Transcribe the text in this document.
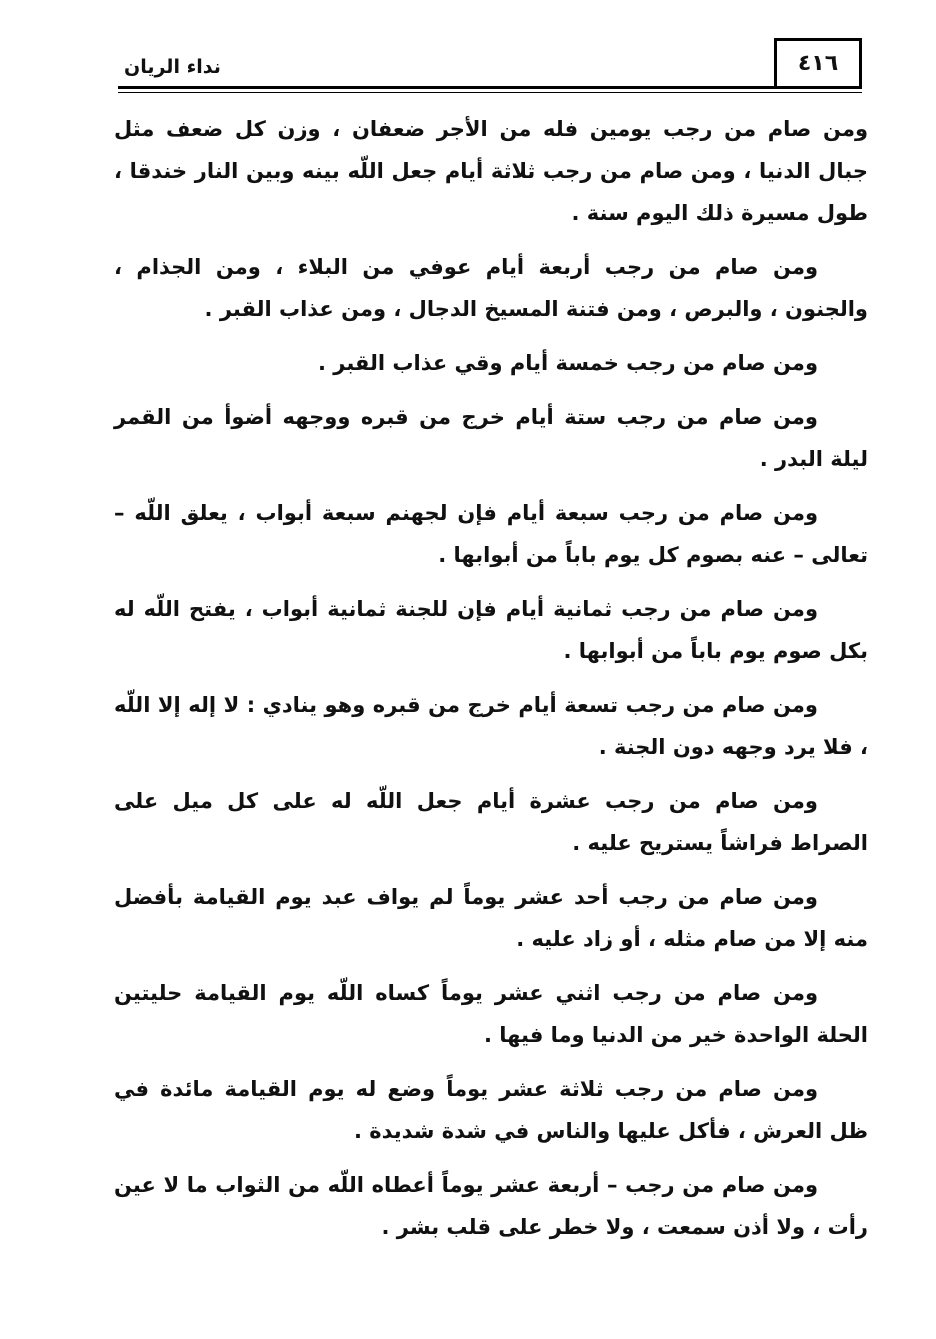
٤١٦
نداء الريان

ومن صام من رجب يومين فله من الأجر ضعفان ، وزن كل ضعف مثل جبال الدنيا ، ومن صام من رجب ثلاثة أيام جعل اللّه بينه وبين النار خندقا ، طول مسيرة ذلك اليوم سنة .

ومن صام من رجب أربعة أيام عوفي من البلاء ، ومن الجذام ، والجنون ، والبرص ، ومن فتنة المسيخ الدجال ، ومن عذاب القبر .

ومن صام من رجب خمسة أيام وقي عذاب القبر .

ومن صام من رجب ستة أيام خرج من قبره ووجهه أضوأ من القمر ليلة البدر .

ومن صام من رجب سبعة أيام فإن لجهنم سبعة أبواب ، يعلق اللّه – تعالى – عنه بصوم كل يوم باباً من أبوابها .

ومن صام من رجب ثمانية أيام فإن للجنة ثمانية أبواب ، يفتح اللّه له بكل صوم يوم باباً من أبوابها .

ومن صام من رجب تسعة أيام خرج من قبره وهو ينادي : لا إله إلا اللّه ، فلا يرد وجهه دون الجنة .

ومن صام من رجب عشرة أيام جعل اللّه له على كل ميل على الصراط فراشاً يستريح عليه .

ومن صام من رجب أحد عشر يوماً لم يواف عبد يوم القيامة بأفضل منه إلا من صام مثله ، أو زاد عليه .

ومن صام من رجب اثني عشر يوماً كساه اللّه يوم القيامة حليتين الحلة الواحدة خير من الدنيا وما فيها .

ومن صام من رجب ثلاثة عشر يوماً وضع له يوم القيامة مائدة في ظل العرش ، فأكل عليها والناس في شدة شديدة .

ومن صام من رجب – أربعة عشر يوماً أعطاه اللّه من الثواب ما لا عين رأت ، ولا أذن سمعت ، ولا خطر على قلب بشر .
